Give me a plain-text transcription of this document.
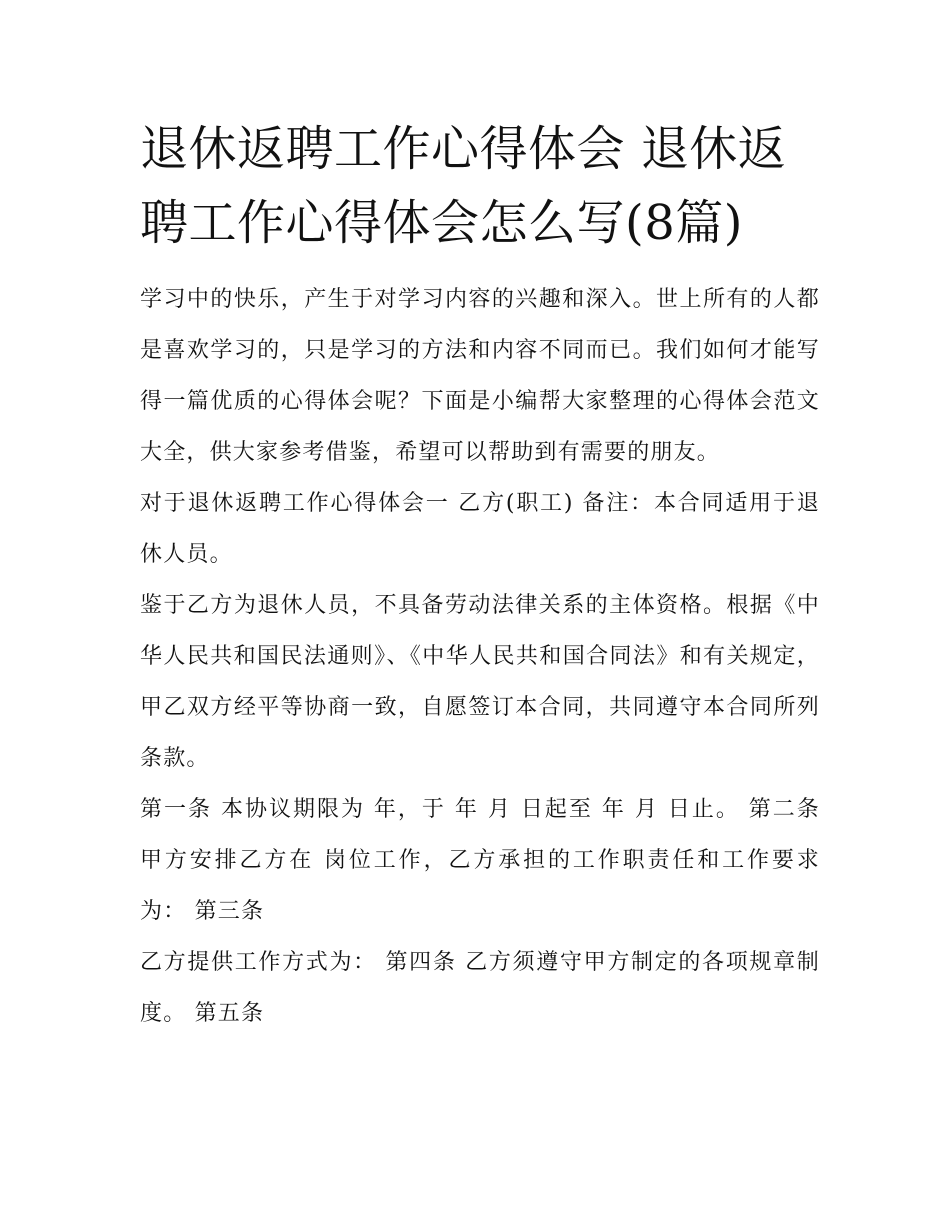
退休返聘工作心得体会 退休返聘工作心得体会怎么写(8篇)

学习中的快乐，产生于对学习内容的兴趣和深入。世上所有的人都是喜欢学习的，只是学习的方法和内容不同而已。我们如何才能写得一篇优质的心得体会呢？下面是小编帮大家整理的心得体会范文大全，供大家参考借鉴，希望可以帮助到有需要的朋友。

对于退休返聘工作心得体会一 乙方(职工) 备注：本合同适用于退休人员。

鉴于乙方为退休人员，不具备劳动法律关系的主体资格。根据《中华人民共和国民法通则》、《中华人民共和国合同法》和有关规定，甲乙双方经平等协商一致，自愿签订本合同，共同遵守本合同所列条款。

第一条 本协议期限为 年，于 年 月 日起至 年 月 日止。 第二条 甲方安排乙方在 岗位工作，乙方承担的工作职责任和工作要求为： 第三条

乙方提供工作方式为： 第四条 乙方须遵守甲方制定的各项规章制度。 第五条
